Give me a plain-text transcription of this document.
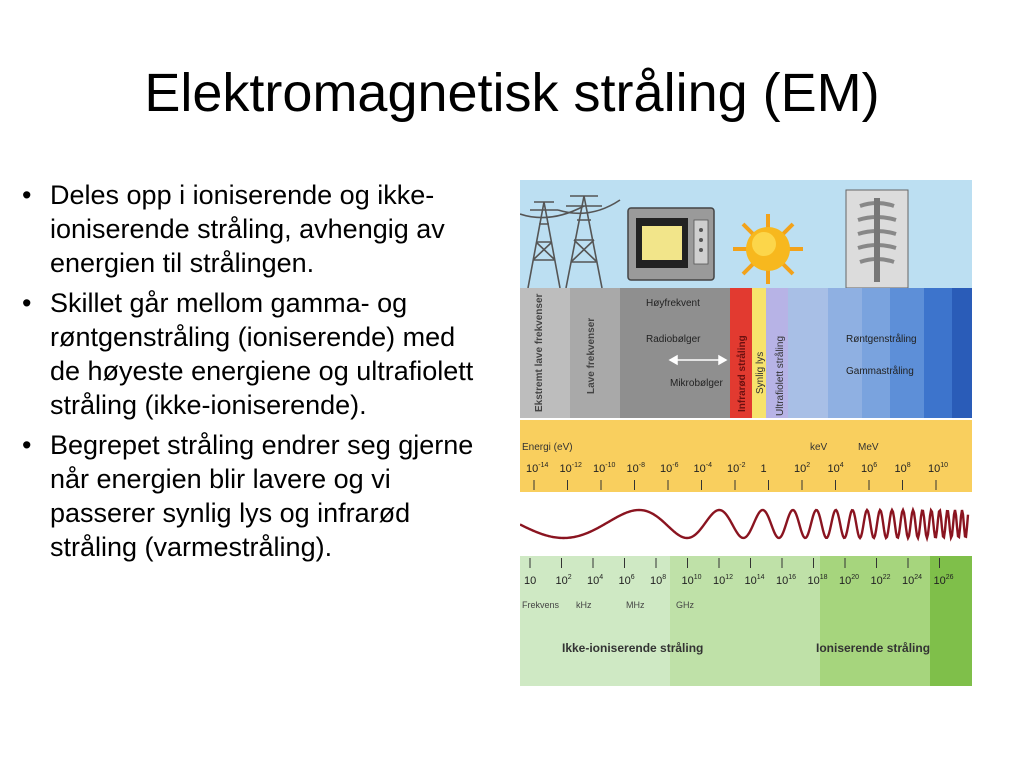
Elektromagnetisk stråling (EM)
• Deles opp i ioniserende og ikke-ioniserende stråling, avhengig av energien til strålingen.
• Skillet går mellom gamma- og røntgenstråling (ioniserende) med de høyeste energiene og ultrafiolett stråling (ikke-ioniserende).
• Begrepet stråling endrer seg gjerne når energien blir lavere og vi passerer synlig lys og infrarød stråling (varmestråling).
Ekstremt lave frekvenser	Lave frekvenser
Høyfrekvent
Radiobølger
Mikrobølger Infrarød stråling Synlig lys Ultrafiolett stråling	Røntgenstråling
Gammastråling
Energi (eV)	keV	MeV
$10^{-14}$ $10^{-12}$ $10^{-10}$ $10^{-8}$ $10^{-6}$ $10^{-4}$ $10^{-2}$ 1 $10^2$ $10^4$ $10^6$ $10^8$ $10^{10}$
10 $10^2$ $10^4$ $10^6$ $10^8$ $10^{10}$ $10^{12}$ $10^{14}$ $10^{16}$ $10^{18}$ $10^{20}$ $10^{22}$ $10^{24}$ $10^{26}$
Frekvens kHz	MHz	GHz
Ikke-ioniserende stråling	Ioniserende stråling
